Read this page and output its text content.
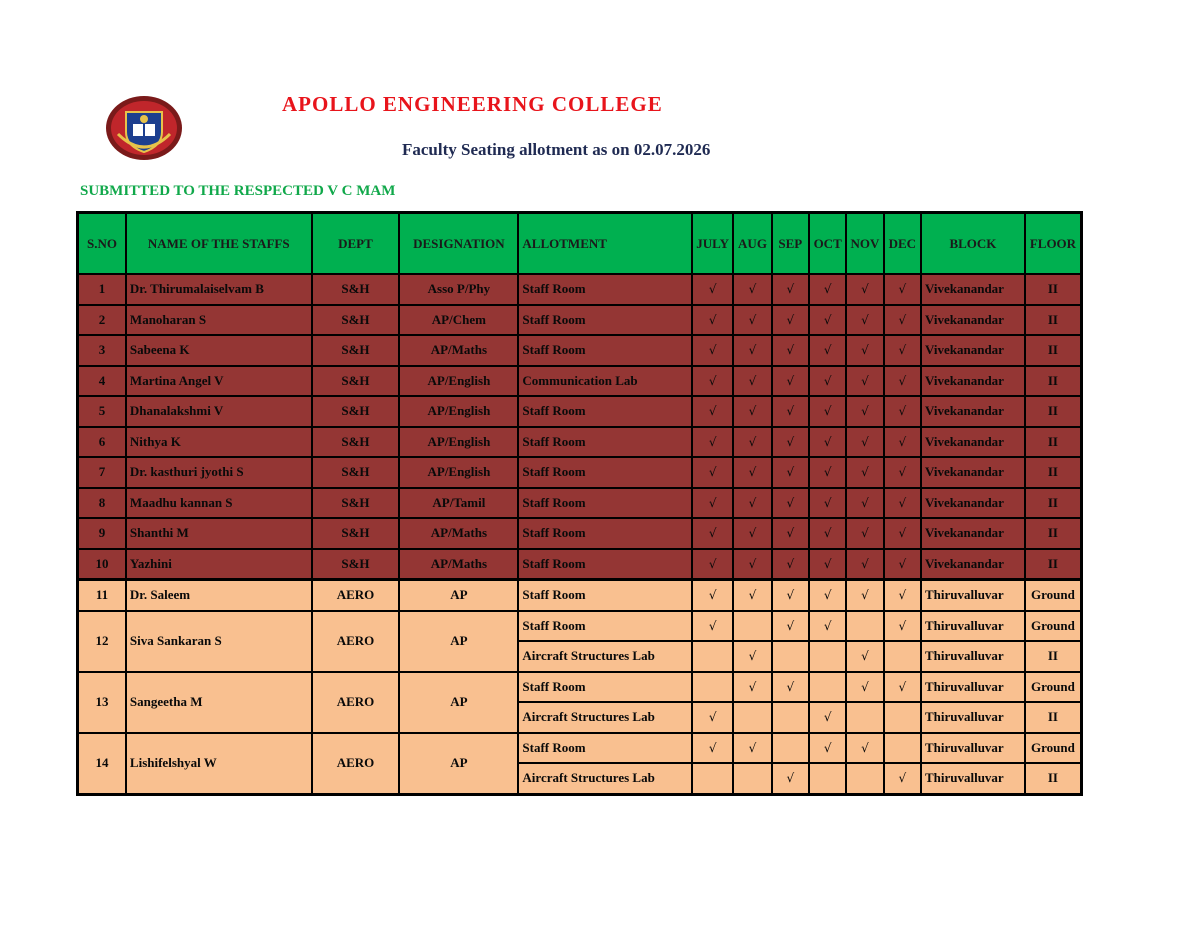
APOLLO ENGINEERING COLLEGE
Faculty Seating allotment as on 02.07.2026
SUBMITTED TO THE RESPECTED V C MAM
S.NO	NAME OF THE STAFFS	DEPT	DESIGNATION	ALLOTMENT	JULY	AUG	SEP	OCT	NOV	DEC	BLOCK	FLOOR
1	Dr. Thirumalaiselvam B	S&H	Asso P/Phy	Staff Room	√	√	√	√	√	√	Vivekanandar	II
2	Manoharan S	S&H	AP/Chem	Staff Room	√	√	√	√	√	√	Vivekanandar	II
3	Sabeena K	S&H	AP/Maths	Staff Room	√	√	√	√	√	√	Vivekanandar	II
4	Martina Angel V	S&H	AP/English	Communication Lab	√	√	√	√	√	√	Vivekanandar	II
5	Dhanalakshmi V	S&H	AP/English	Staff Room	√	√	√	√	√	√	Vivekanandar	II
6	Nithya K	S&H	AP/English	Staff Room	√	√	√	√	√	√	Vivekanandar	II
7	Dr. kasthuri jyothi S	S&H	AP/English	Staff Room	√	√	√	√	√	√	Vivekanandar	II
8	Maadhu kannan S	S&H	AP/Tamil	Staff Room	√	√	√	√	√	√	Vivekanandar	II
9	Shanthi M	S&H	AP/Maths	Staff Room	√	√	√	√	√	√	Vivekanandar	II
10	Yazhini	S&H	AP/Maths	Staff Room	√	√	√	√	√	√	Vivekanandar	II
11	Dr. Saleem	AERO	AP	Staff Room	√	√	√	√	√	√	Thiruvalluvar	Ground
12	Siva Sankaran S	AERO	AP	Staff Room	√		√	√		√	Thiruvalluvar	Ground
				Aircraft Structures Lab		√			√		Thiruvalluvar	II
13	Sangeetha M	AERO	AP	Staff Room		√	√		√	√	Thiruvalluvar	Ground
				Aircraft Structures Lab	√			√			Thiruvalluvar	II
14	Lishifelshyal W	AERO	AP	Staff Room	√	√		√	√		Thiruvalluvar	Ground
				Aircraft Structures Lab			√			√	Thiruvalluvar	II
